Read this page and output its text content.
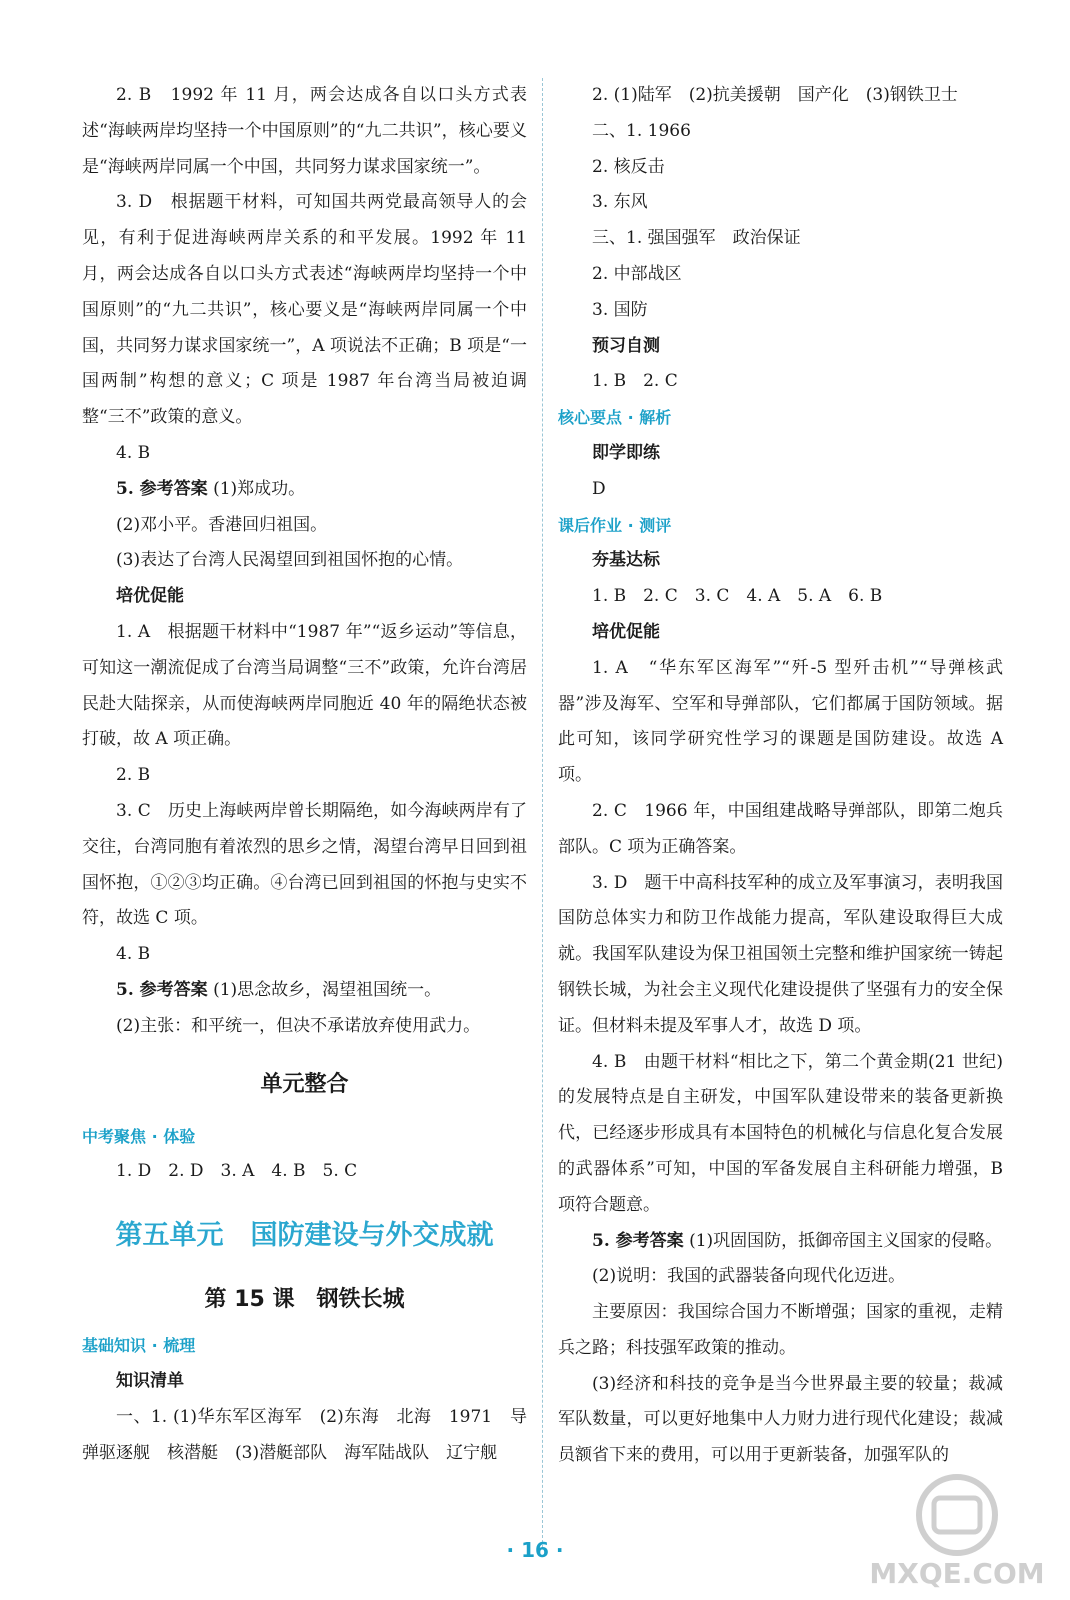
2. B　1992 年 11 月，两会达成各自以口头方式表述“海峡两岸均坚持一个中国原则”的“九二共识”，核心要义是“海峡两岸同属一个中国，共同努力谋求国家统一”。

3. D　根据题干材料，可知国共两党最高领导人的会见，有利于促进海峡两岸关系的和平发展。1992 年 11 月，两会达成各自以口头方式表述“海峡两岸均坚持一个中国原则”的“九二共识”，核心要义是“海峡两岸同属一个中国，共同努力谋求国家统一”，A 项说法不正确；B 项是“一国两制”构想的意义；C 项是 1987 年台湾当局被迫调整“三不”政策的意义。

4. B

5. 参考答案 (1)郑成功。

(2)邓小平。香港回归祖国。

(3)表达了台湾人民渴望回到祖国怀抱的心情。

培优促能

1. A　根据题干材料中“1987 年”“返乡运动”等信息，可知这一潮流促成了台湾当局调整“三不”政策，允许台湾居民赴大陆探亲，从而使海峡两岸同胞近 40 年的隔绝状态被打破，故 A 项正确。

2. B

3. C　历史上海峡两岸曾长期隔绝，如今海峡两岸有了交往，台湾同胞有着浓烈的思乡之情，渴望台湾早日回到祖国怀抱，①②③均正确。④台湾已回到祖国的怀抱与史实不符，故选 C 项。

4. B

5. 参考答案 (1)思念故乡，渴望祖国统一。

(2)主张：和平统一，但决不承诺放弃使用武力。

单元整合

中考聚焦 · 体验

1. D　2. D　3. A　4. B　5. C

第五单元　国防建设与外交成就
第 15 课　钢铁长城

基础知识 · 梳理

知识清单

一、1. (1)华东军区海军　(2)东海　北海　1971　导弹驱逐舰　核潜艇　(3)潜艇部队　海军陆战队　辽宁舰

2. (1)陆军　(2)抗美援朝　国产化　(3)钢铁卫士

二、1. 1966

2. 核反击

3. 东风

三、1. 强国强军　政治保证

2. 中部战区

3. 国防

预习自测

1. B　2. C

核心要点 · 解析

即学即练

D

课后作业 · 测评

夯基达标

1. B　2. C　3. C　4. A　5. A　6. B

培优促能

1. A　“华东军区海军”“歼-5 型歼击机”“导弹核武器”涉及海军、空军和导弹部队，它们都属于国防领域。据此可知，该同学研究性学习的课题是国防建设。故选 A 项。

2. C　1966 年，中国组建战略导弹部队，即第二炮兵部队。C 项为正确答案。

3. D　题干中高科技军种的成立及军事演习，表明我国国防总体实力和防卫作战能力提高，军队建设取得巨大成就。我国军队建设为保卫祖国领土完整和维护国家统一铸起钢铁长城，为社会主义现代化建设提供了坚强有力的安全保证。但材料未提及军事人才，故选 D 项。

4. B　由题干材料“相比之下，第二个黄金期(21 世纪)的发展特点是自主研发，中国军队建设带来的装备更新换代，已经逐步形成具有本国特色的机械化与信息化复合发展的武器体系”可知，中国的军备发展自主科研能力增强，B 项符合题意。

5. 参考答案 (1)巩固国防，抵御帝国主义国家的侵略。

(2)说明：我国的武器装备向现代化迈进。

主要原因：我国综合国力不断增强；国家的重视，走精兵之路；科技强军政策的推动。

(3)经济和科技的竞争是当今世界最主要的较量；裁减军队数量，可以更好地集中人力财力进行现代化建设；裁减员额省下来的费用，可以用于更新装备，加强军队的

· 16 ·
MXQE.COM
